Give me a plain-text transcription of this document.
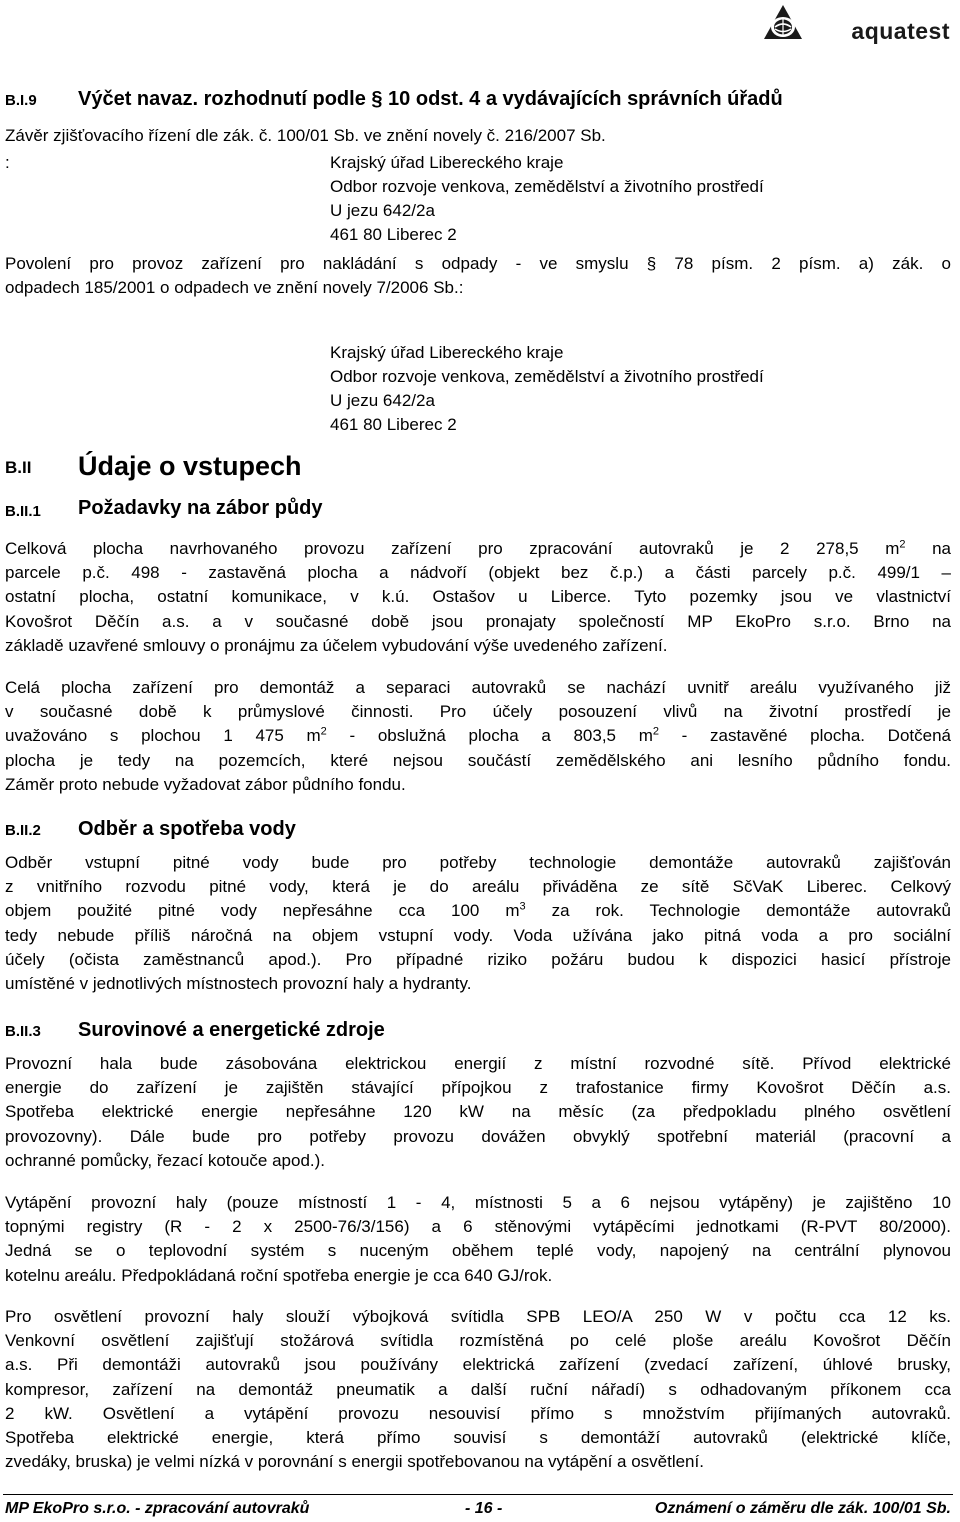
aquatest
B.I.9 Výčet navaz. rozhodnutí podle § 10 odst. 4 a vydávajících správních úřadů
Závěr zjišťovacího řízení dle zák. č. 100/01 Sb. ve znění novely č. 216/2007 Sb.
:	Krajský úřad Libereckého kraje
Odbor rozvoje venkova, zemědělství a životního prostředí
U jezu 642/2a
461 80 Liberec 2
Povolení pro provoz zařízení pro nakládání s odpady - ve smyslu § 78 písm. 2 písm. a) zák. o
odpadech 185/2001 o odpadech ve znění novely 7/2006 Sb.:
Krajský úřad Libereckého kraje
Odbor rozvoje venkova, zemědělství a životního prostředí
U jezu 642/2a
461 80 Liberec 2
B.II Údaje o vstupech
B.II.1 Požadavky na zábor půdy
Celková plocha navrhovaného provozu zařízení pro zpracování autovraků je 2 278,5 $m^2$ na
parcele p.č. 498 - zastavěná plocha a nádvoří (objekt bez č.p.) a části parcely p.č. 499/1 –
ostatní plocha, ostatní komunikace, v k.ú. Ostašov u Liberce. Tyto pozemky jsou ve vlastnictví
Kovošrot Děčín a.s. a v současné době jsou pronajaty společností MP EkoPro s.r.o. Brno na
základě uzavřené smlouvy o pronájmu za účelem vybudování výše uvedeného zařízení.
Celá plocha zařízení pro demontáž a separaci autovraků se nachází uvnitř areálu využívaného již
v současné době k průmyslové činnosti. Pro účely posouzení vlivů na životní prostředí je
uvažováno s plochou 1 475 $m^2$ - obslužná plocha a 803,5 $m^2$ - zastavěné plocha. Dotčená
plocha je tedy na pozemcích, které nejsou součástí zemědělského ani lesního půdního fondu.
Záměr proto nebude vyžadovat zábor půdního fondu.
B.II.2 Odběr a spotřeba vody
Odběr vstupní pitné vody bude pro potřeby technologie demontáže autovraků zajišťován
z vnitřního rozvodu pitné vody, která je do areálu přiváděna ze sítě SčVaK Liberec. Celkový
objem použité pitné vody nepřesáhne cca 100 $m^3$ za rok. Technologie demontáže autovraků
tedy nebude příliš náročná na objem vstupní vody. Voda užívána jako pitná voda a pro sociální
účely (očista zaměstnanců apod.). Pro případné riziko požáru budou k dispozici hasicí přístroje
umístěné v jednotlivých místnostech provozní haly a hydranty.
B.II.3 Surovinové a energetické zdroje
Provozní hala bude zásobována elektrickou energií z místní rozvodné sítě. Přívod elektrické
energie do zařízení je zajištěn stávající přípojkou z trafostanice firmy Kovošrot Děčín a.s.
Spotřeba elektrické energie nepřesáhne 120 kW na měsíc (za předpokladu plného osvětlení
provozovny). Dále bude pro potřeby provozu dovážen obvyklý spotřební materiál (pracovní a
ochranné pomůcky, řezací kotouče apod.).
Vytápění provozní haly (pouze místností 1 - 4, místnosti 5 a 6 nejsou vytápěny) je zajištěno 10
topnými registry (R - 2 x 2500-76/3/156) a 6 stěnovými vytápěcími jednotkami (R-PVT 80/2000).
Jedná se o teplovodní systém s nuceným oběhem teplé vody, napojený na centrální plynovou
kotelnu areálu. Předpokládaná roční spotřeba energie je cca 640 GJ/rok.
Pro osvětlení provozní haly slouží výbojková svítidla SPB LEO/A 250 W v počtu cca 12 ks.
Venkovní osvětlení zajišťují stožárová svítidla rozmístěná po celé ploše areálu Kovošrot Děčín
a.s. Při demontáži autovraků jsou používány elektrická zařízení (zvedací zařízení, úhlové brusky,
kompresor, zařízení na demontáž pneumatik a další ruční nářadí) s odhadovaným příkonem cca
2 kW. Osvětlení a vytápění provozu nesouvisí přímo s množstvím přijímaných autovraků.
Spotřeba elektrické energie, která přímo souvisí s demontáží autovraků (elektrické klíče,
zvedáky, bruska) je velmi nízká v porovnání s energii spotřebovanou na vytápění a osvětlení.
MP EkoPro s.r.o. - zpracování autovraků	- 16 -	Oznámení o záměru dle zák. 100/01 Sb.
